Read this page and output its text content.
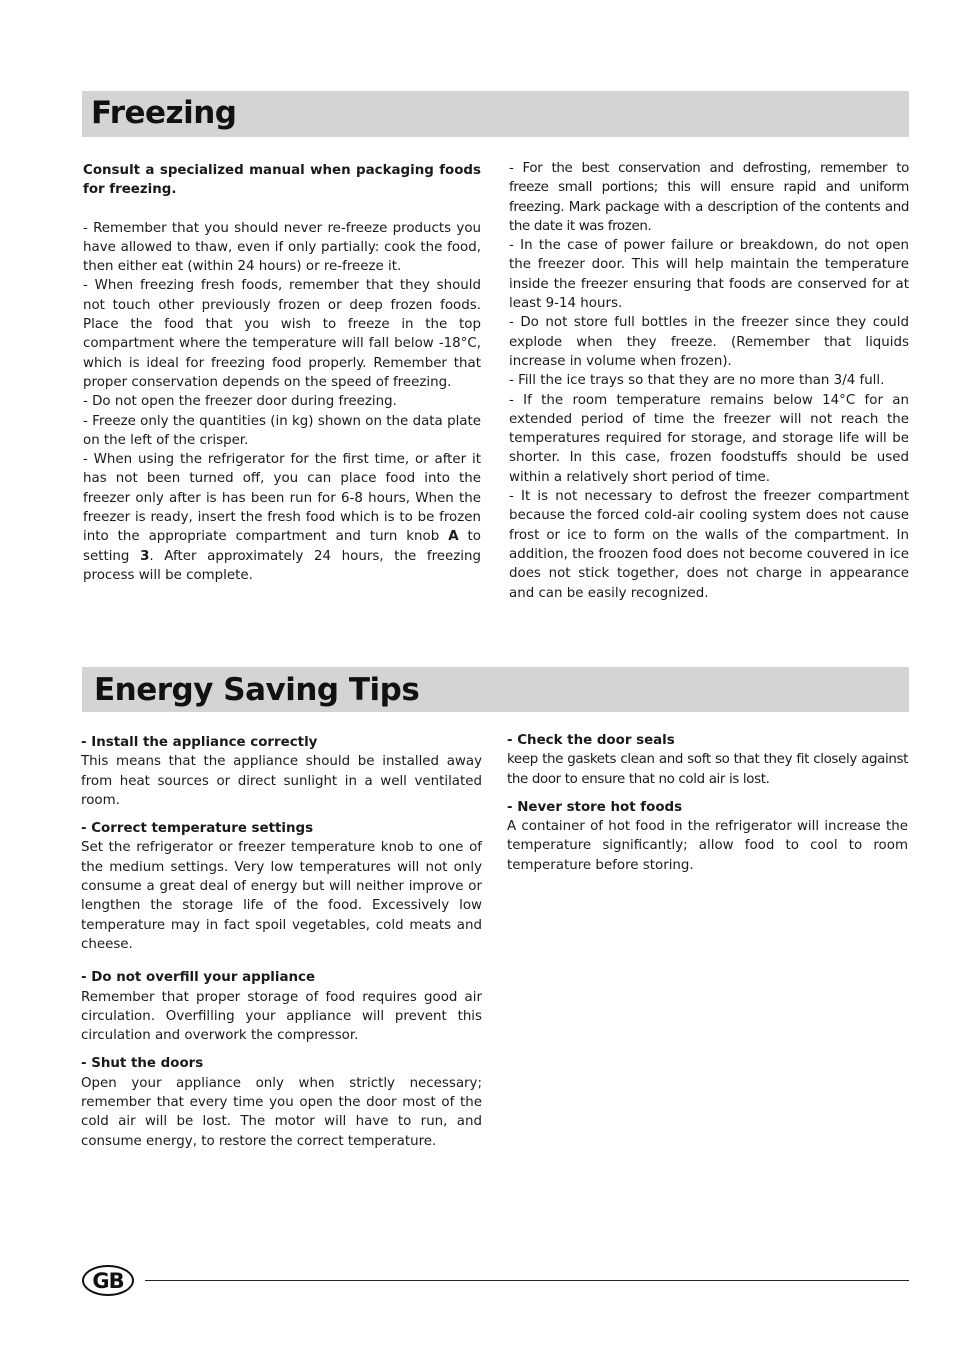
Freezing

Consult a specialized manual when packaging foods for freezing.

- Remember that you should never re-freeze products you have allowed to thaw, even if only partially: cook the food, then either eat (within 24 hours) or re-freeze it.

- When freezing fresh foods, remember that they should not touch other previously frozen or deep frozen foods. Place the food that you wish to freeze in the top compartment where the temperature will fall below -18°C, which is ideal for freezing food properly. Remember that proper conservation depends on the speed of freezing.

- Do not open the freezer door during freezing.

- Freeze only the quantities (in kg) shown on the data plate on the left of the crisper.

- When using the refrigerator for the first time, or after it has not been turned off, you can place food into the freezer only after is has been run for 6-8 hours, When the freezer is ready, insert the fresh food which is to be frozen into the appropriate compartment and turn knob A to setting 3. After approximately 24 hours, the freezing process will be complete.

- For the best conservation and defrosting, remember to freeze small portions; this will ensure rapid and uniform freezing. Mark package with a description of the contents and the date it was frozen.

- In the case of power failure or breakdown, do not open the freezer door. This will help maintain the temperature inside the freezer ensuring that foods are conserved for at least 9-14 hours.

- Do not store full bottles in the freezer since they could explode when they freeze. (Remember that liquids increase in volume when frozen).

- Fill the ice trays so that they are no more than 3/4 full.

- If the room temperature remains below 14°C for an extended period of time the freezer will not reach the temperatures required for storage, and storage life will be shorter. In this case, frozen foodstuffs should be used within a relatively short period of time.

- It is not necessary to defrost the freezer compartment because the forced cold-air cooling system does not cause frost or ice to form on the walls of the compartment. In addition, the froozen food does not become couvered in ice does not stick together, does not charge in appearance and can be easily recognized.

Energy Saving Tips
- Install the appliance correctly

This means that the appliance should be installed away from heat sources or direct sunlight in a well ventilated room.

- Correct temperature settings

Set the refrigerator or freezer temperature knob to one of the medium settings. Very low temperatures will not only consume a great deal of energy but will neither improve or lengthen the storage life of the food. Excessively low temperature may in fact spoil vegetables, cold meats and cheese.

- Do not overfill your appliance

Remember that proper storage of food requires good air circulation. Overfilling your appliance will prevent this circulation and overwork the compressor.

- Shut the doors

Open your appliance only when strictly necessary; remember that every time you open the door most of the cold air will be lost. The motor will have to run, and consume energy, to restore the correct temperature.

- Check the door seals

keep the gaskets clean and soft so that they fit closely against the door to ensure that no cold air is lost.

- Never store hot foods

A container of hot food in the refrigerator will increase the temperature significantly; allow food to cool to room temperature before storing.

GB
